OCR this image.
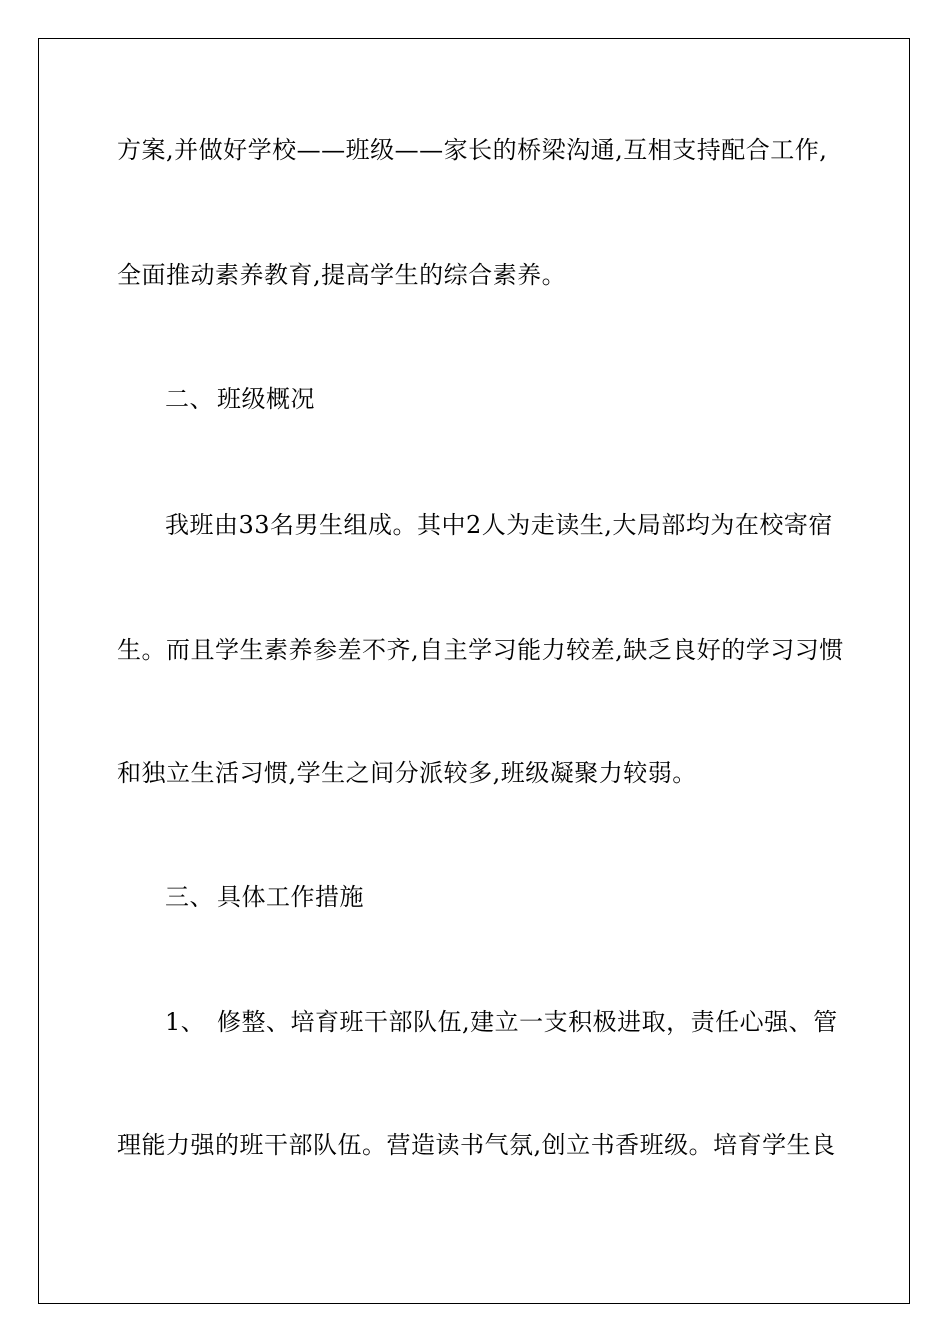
方案,并做好学校——班级——家长的桥梁沟通,互相支持配合工作,
全面推动素养教育,提高学生的综合素养。
二、 班级概况
我班由33名男生组成。其中2人为走读生,大局部均为在校寄宿
生。而且学生素养参差不齐,自主学习能力较差,缺乏良好的学习习惯
和独立生活习惯,学生之间分派较多,班级凝聚力较弱。
三、 具体工作措施
1、 修整、培育班干部队伍,建立一支积极进取，责任心强、管
理能力强的班干部队伍。营造读书气氛,创立书香班级。培育学生良
